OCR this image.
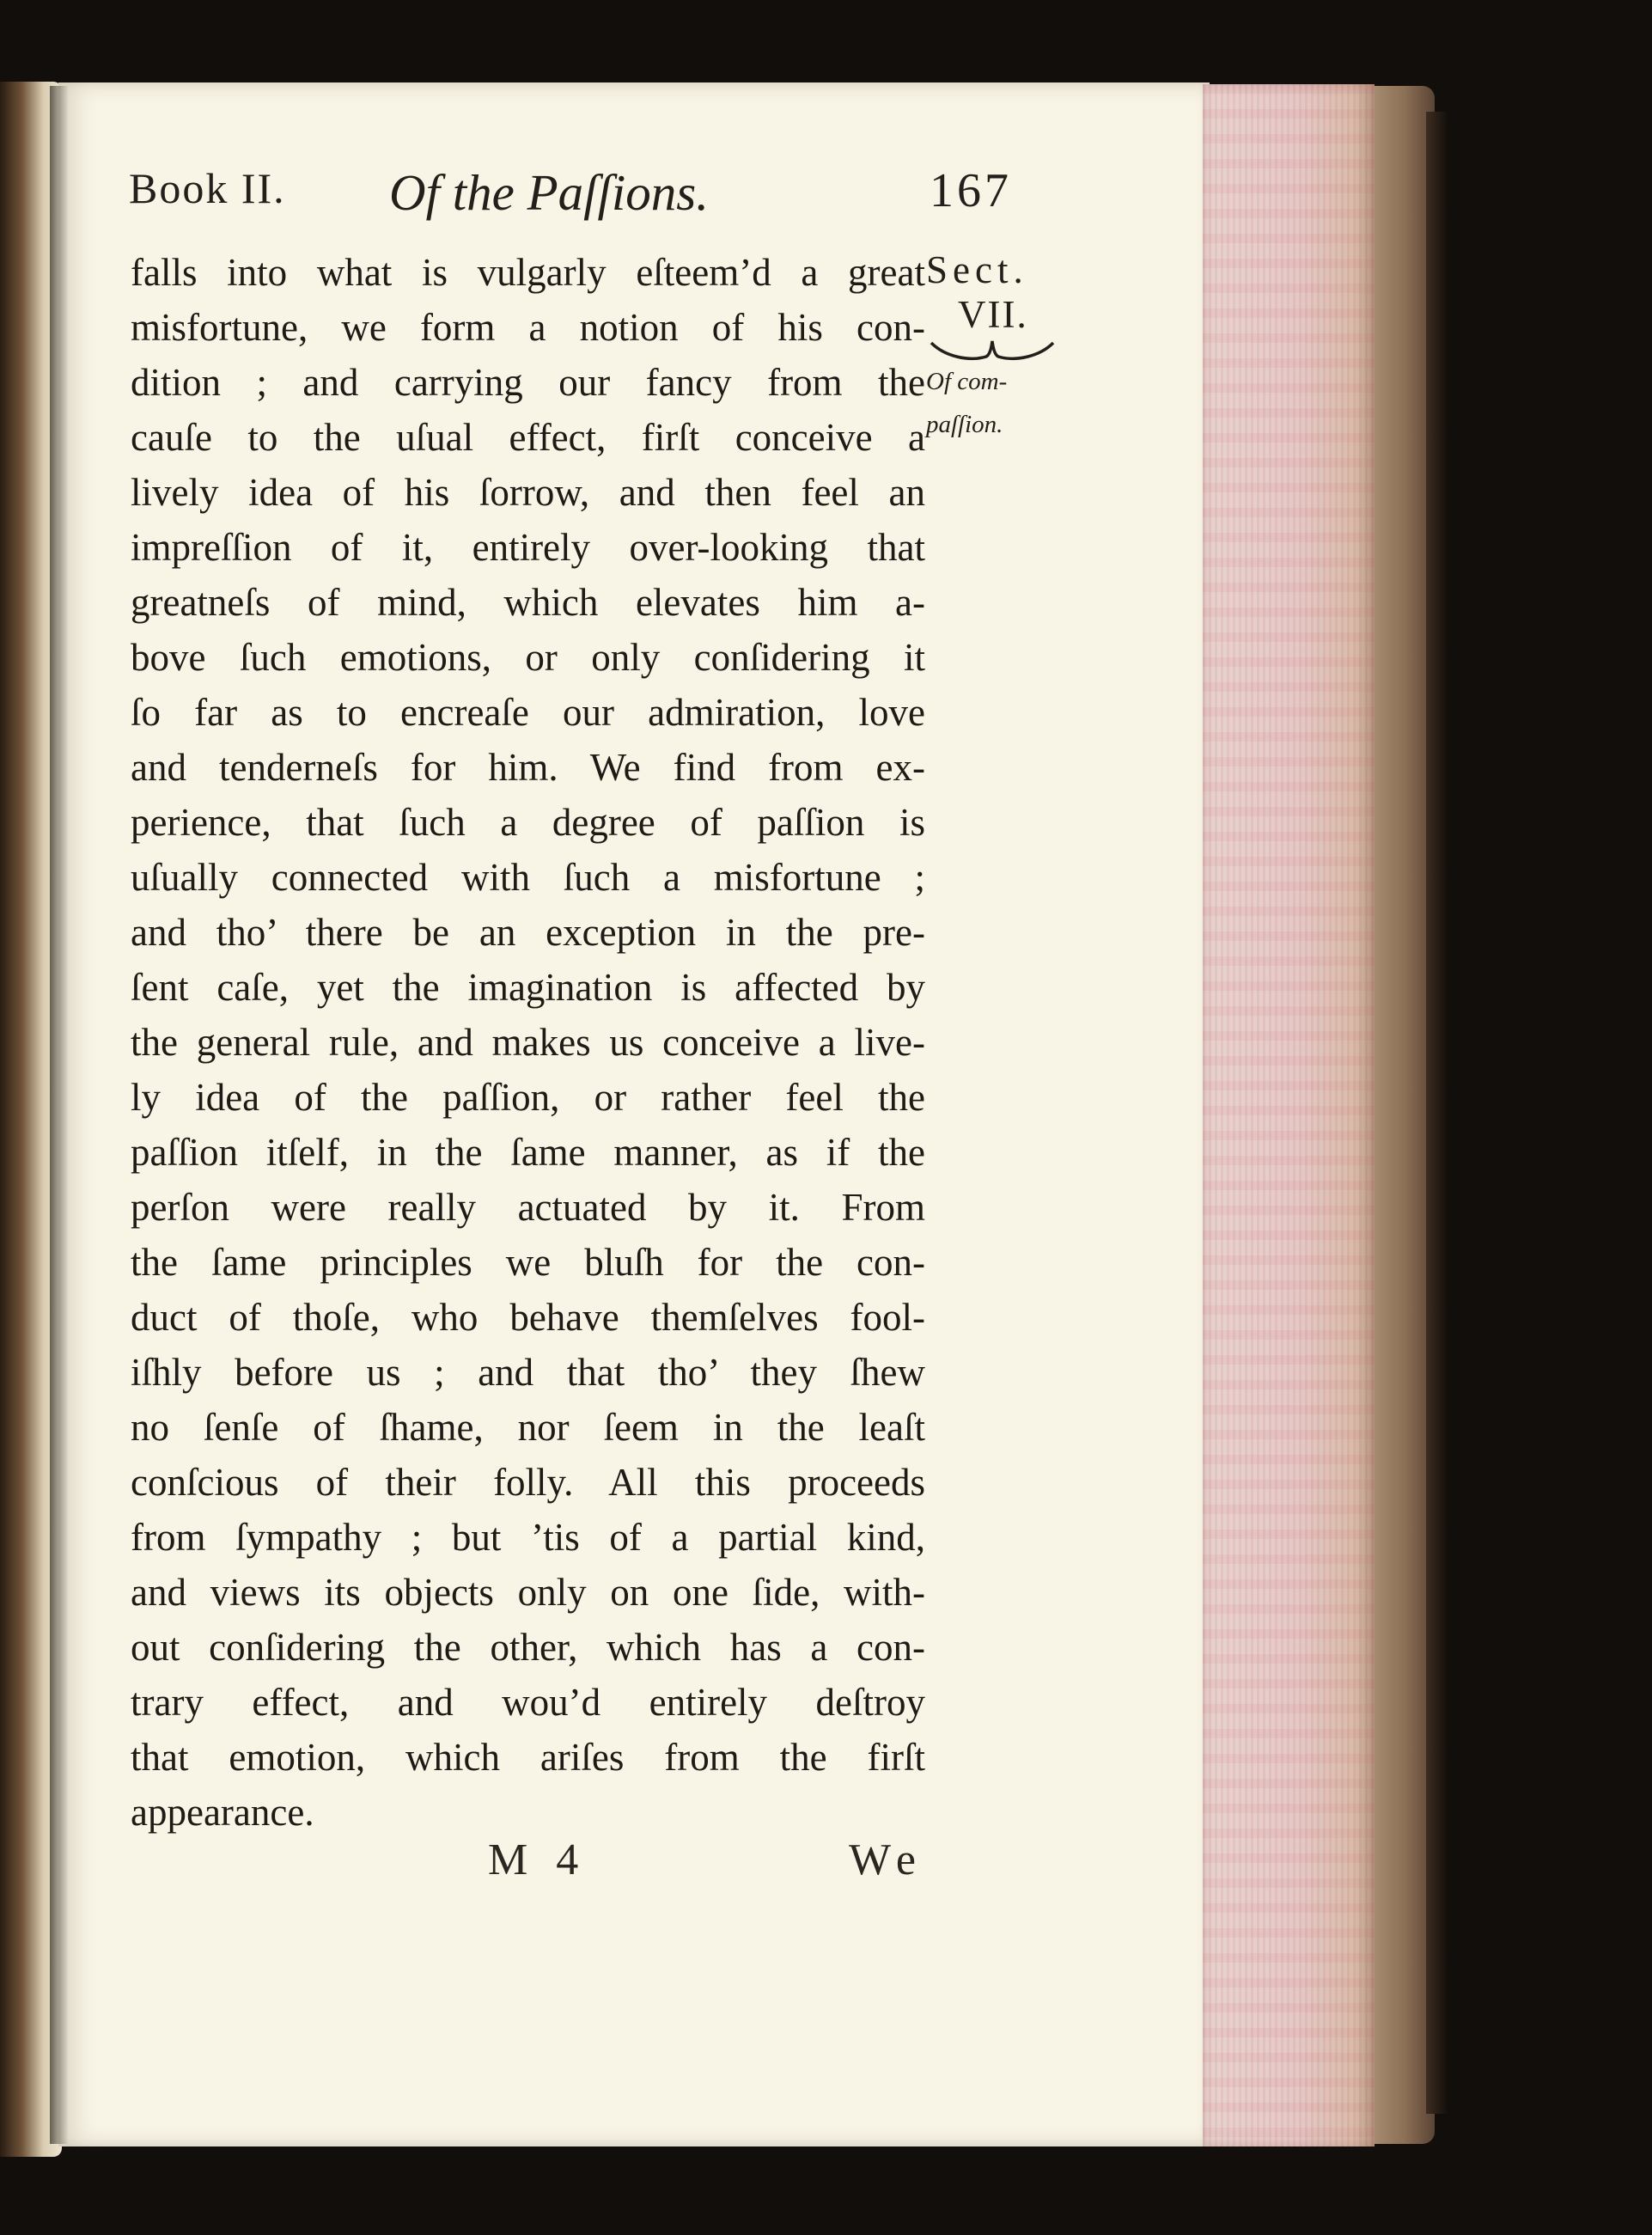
Book II. Of the Paſſions.	167
Sect.
VII.
Of com-
paſſion.
falls into what is vulgarly eſteem’d a great
misfortune, we form a notion of his con-
dition ; and carrying our fancy from the
cauſe to the uſual effect, firſt conceive a
lively idea of his ſorrow, and then feel an
impreſſion of it, entirely over-looking that
greatneſs of mind, which elevates him a-
bove ſuch emotions, or only conſidering it
ſo far as to encreaſe our admiration, love
and tenderneſs for him. We find from ex-
perience, that ſuch a degree of paſſion is
uſually connected with ſuch a misfortune ;
and tho’ there be an exception in the pre-
ſent caſe, yet the imagination is affected by
the general rule, and makes us conceive a live-
ly idea of the paſſion, or rather feel the
paſſion itſelf, in the ſame manner, as if the
perſon were really actuated by it. From
the ſame principles we bluſh for the con-
duct of thoſe, who behave themſelves fool-
iſhly before us ; and that tho’ they ſhew
no ſenſe of ſhame, nor ſeem in the leaſt
conſcious of their folly. All this proceeds
from ſympathy ; but ’tis of a partial kind,
and views its objects only on one ſide, with-
out conſidering the other, which has a con-
trary effect, and wou’d entirely deſtroy
that emotion, which ariſes from the firſt
appearance.
M 4	We
